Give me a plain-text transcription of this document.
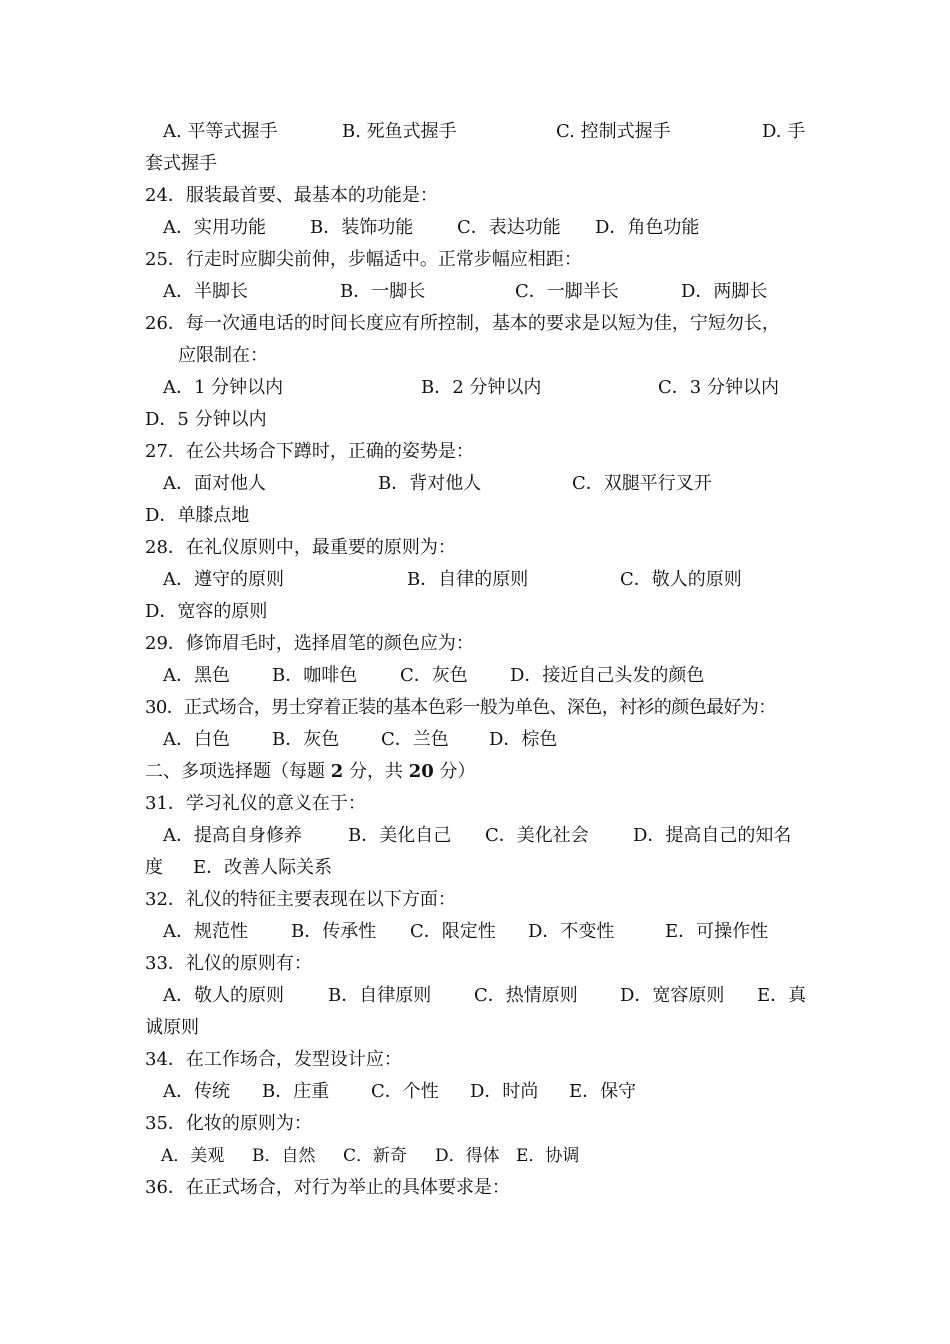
A. 平等式握手	B. 死鱼式握手	C. 控制式握手	D. 手
套式握手
24．服装最首要、最基本的功能是：
A．实用功能 B．装饰功能 C．表达功能 D．角色功能
25．行走时应脚尖前伸，步幅适中。正常步幅应相距：
A．半脚长	B．一脚长	C．一脚半长	D．两脚长
26．每一次通电话的时间长度应有所控制，基本的要求是以短为佳，宁短勿长，
应限制在：
A．1 分钟以内	B．2 分钟以内	C．3 分钟以内
D．5 分钟以内
27．在公共场合下蹲时，正确的姿势是：
A．面对他人	B．背对他人	C．双腿平行叉开
D．单膝点地
28．在礼仪原则中，最重要的原则为：
A．遵守的原则	B．自律的原则	C．敬人的原则
D．宽容的原则
29．修饰眉毛时，选择眉笔的颜色应为：
A．黑色 B．咖啡色 C．灰色 D．接近自己头发的颜色
30．正式场合，男士穿着正装的基本色彩一般为单色、深色，衬衫的颜色最好为：
A．白色 B．灰色 C．兰色 D．棕色
二、多项选择题（每题 2 分，共 20 分）
31．学习礼仪的意义在于：
A．提高自身修养	B．美化自己 C．美化社会 D．提高自己的知名
度 E．改善人际关系
32．礼仪的特征主要表现在以下方面：
A．规范性 B．传承性 C．限定性 D．不变性	E．可操作性
33．礼仪的原则有：
A．敬人的原则 B．自律原则 C．热情原则 D．宽容原则 E．真
诚原则
34．在工作场合，发型设计应：
A．传统 B．庄重 C．个性 D．时尚 E．保守
35．化妆的原则为：
A．美观 B．自然 C．新奇 D．得体 E．协调
36．在正式场合，对行为举止的具体要求是：
